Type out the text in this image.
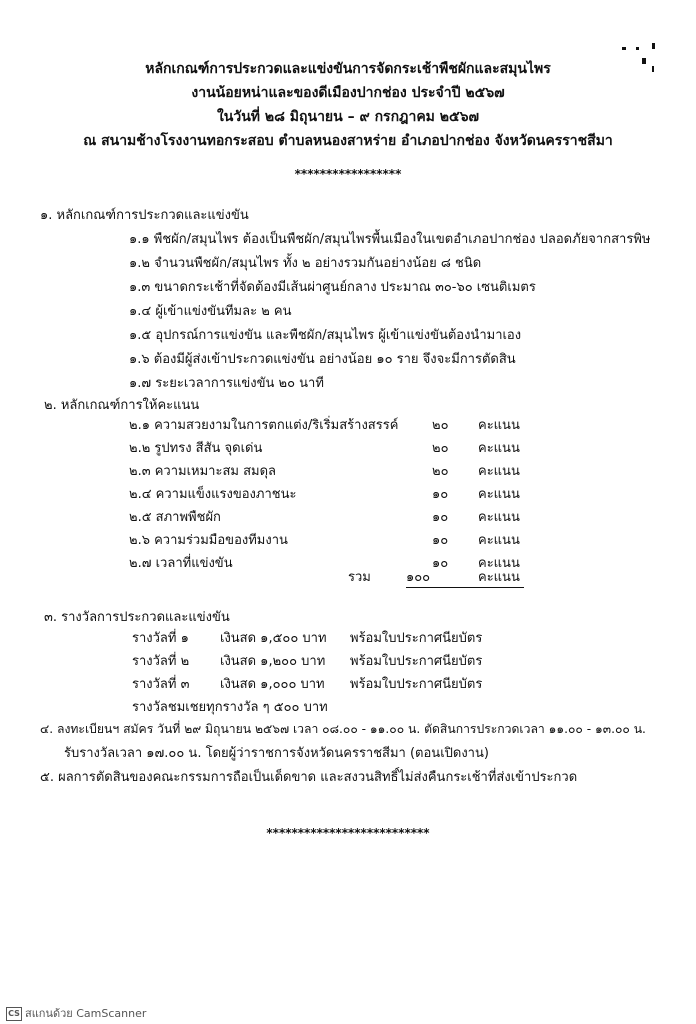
หลักเกณฑ์การประกวดและแข่งขันการจัดกระเช้าพืชผักและสมุนไพร
งานน้อยหน่าและของดีเมืองปากช่อง ประจำปี ๒๕๖๗
ในวันที่ ๒๘ มิถุนายน – ๙ กรกฎาคม ๒๕๖๗
ณ สนามช้างโรงงานทอกระสอบ ตำบลหนองสาหร่าย อำเภอปากช่อง จังหวัดนครราชสีมา
*****************
๑. หลักเกณฑ์การประกวดและแข่งขัน
๑.๑ พืชผัก/สมุนไพร ต้องเป็นพืชผัก/สมุนไพรพื้นเมืองในเขตอำเภอปากช่อง ปลอดภัยจากสารพิษ
๑.๒ จำนวนพืชผัก/สมุนไพร ทั้ง ๒ อย่างรวมกันอย่างน้อย ๘ ชนิด
๑.๓ ขนาดกระเช้าที่จัดต้องมีเส้นผ่าศูนย์กลาง ประมาณ ๓๐-๖๐ เซนติเมตร
๑.๔ ผู้เข้าแข่งขันทีมละ ๒ คน
๑.๕ อุปกรณ์การแข่งขัน และพืชผัก/สมุนไพร ผู้เข้าแข่งขันต้องนำมาเอง
๑.๖ ต้องมีผู้ส่งเข้าประกวดแข่งขัน อย่างน้อย ๑๐ ราย จึงจะมีการตัดสิน
๑.๗ ระยะเวลาการแข่งขัน ๒๐ นาที
๒. หลักเกณฑ์การให้คะแนน
๒.๑ ความสวยงามในการตกแต่ง/ริเริ่มสร้างสรรค์	๒๐ คะแนน
๒.๒ รูปทรง สีสัน จุดเด่น	๒๐ คะแนน
๒.๓ ความเหมาะสม สมดุล	๒๐ คะแนน
๒.๔ ความแข็งแรงของภาชนะ	๑๐ คะแนน
๒.๕ สภาพพืชผัก	๑๐ คะแนน
๒.๖ ความร่วมมือของทีมงาน	๑๐ คะแนน
๒.๗ เวลาที่แข่งขัน	๑๐ คะแนน
รวม	๑๐๐	คะแนน
๓. รางวัลการประกวดและแข่งขัน
รางวัลที่ ๑ เงินสด ๑,๕๐๐ บาท พร้อมใบประกาศนียบัตร
รางวัลที่ ๒ เงินสด ๑,๒๐๐ บาท พร้อมใบประกาศนียบัตร
รางวัลที่ ๓ เงินสด ๑,๐๐๐ บาท พร้อมใบประกาศนียบัตร
รางวัลชมเชยทุกรางวัล ๆ ๕๐๐ บาท
๔. ลงทะเบียนฯ สมัคร วันที่ ๒๙ มิถุนายน ๒๕๖๗ เวลา ๐๘.๐๐ - ๑๑.๐๐ น. ตัดสินการประกวดเวลา ๑๑.๐๐ - ๑๓.๐๐ น.
รับรางวัลเวลา ๑๗.๐๐ น. โดยผู้ว่าราชการจังหวัดนครราชสีมา (ตอนเปิดงาน)
๕. ผลการตัดสินของคณะกรรมการถือเป็นเด็ดขาด และสงวนสิทธิ์ไม่ส่งคืนกระเช้าที่ส่งเข้าประกวด
**************************
CS สแกนด้วย CamScanner
